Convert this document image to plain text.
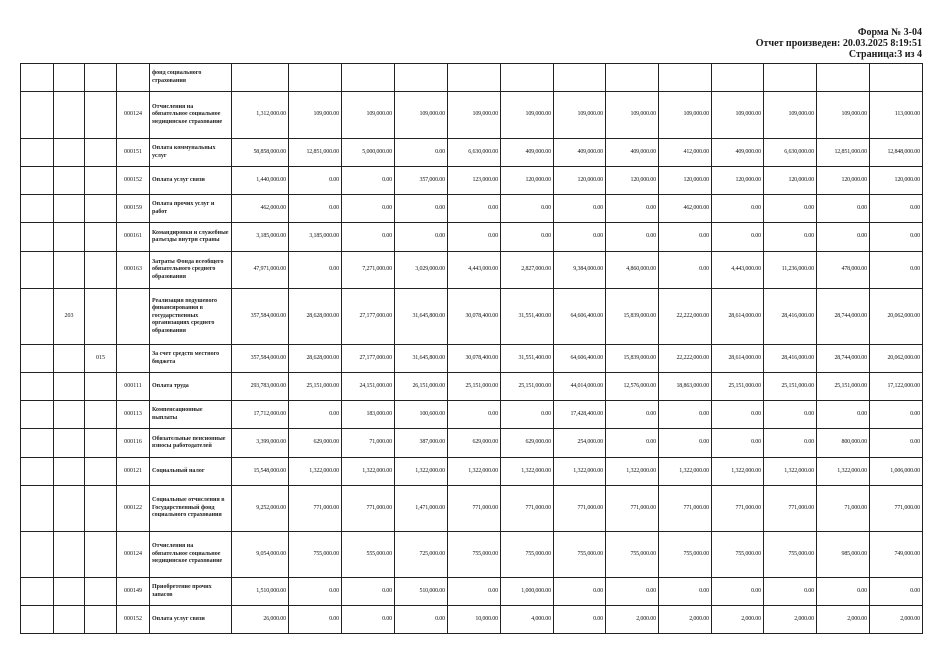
Форма № 3-04
Отчет произведен: 20.03.2025 8:19:51
Страница:3 из 4
				фонд социального страхования													
			000124	Отчисления на обязательное социальное медицинское страхование	1,312,000.00	109,000.00	109,000.00	109,000.00	109,000.00	109,000.00	109,000.00	109,000.00	109,000.00	109,000.00	109,000.00	109,000.00	113,000.00
			000151	Оплата коммунальных услуг	58,858,000.00	12,851,000.00	5,000,000.00	0.00	6,630,000.00	409,000.00	409,000.00	409,000.00	412,000.00	409,000.00	6,630,000.00	12,851,000.00	12,848,000.00
			000152	Оплата услуг связи	1,440,000.00	0.00	0.00	357,000.00	123,000.00	120,000.00	120,000.00	120,000.00	120,000.00	120,000.00	120,000.00	120,000.00	120,000.00
			000159	Оплата прочих услуг и работ	462,000.00	0.00	0.00	0.00	0.00	0.00	0.00	0.00	462,000.00	0.00	0.00	0.00	0.00
			000161	Командировки и служебные разъезды внутри страны	3,185,000.00	3,185,000.00	0.00	0.00	0.00	0.00	0.00	0.00	0.00	0.00	0.00	0.00	0.00
			000163	Затраты Фонда всеобщего обязательного среднего образования	47,971,000.00	0.00	7,271,000.00	3,029,000.00	4,443,000.00	2,827,000.00	9,384,000.00	4,860,000.00	0.00	4,443,000.00	11,236,000.00	478,000.00	0.00
	203			Реализация подушевого финансирования в государственных организациях среднего образования	357,584,000.00	28,628,000.00	27,177,000.00	31,645,800.00	30,078,400.00	31,551,400.00	64,606,400.00	15,839,000.00	22,222,000.00	28,614,000.00	28,416,000.00	28,744,000.00	20,062,000.00
		015		За счет средств местного бюджета	357,584,000.00	28,628,000.00	27,177,000.00	31,645,800.00	30,078,400.00	31,551,400.00	64,606,400.00	15,839,000.00	22,222,000.00	28,614,000.00	28,416,000.00	28,744,000.00	20,062,000.00
			000111	Оплата труда	293,783,000.00	25,151,000.00	24,151,000.00	26,151,000.00	25,151,000.00	25,151,000.00	44,014,000.00	12,576,000.00	18,863,000.00	25,151,000.00	25,151,000.00	25,151,000.00	17,122,000.00
			000113	Компенсационные выплаты	17,712,000.00	0.00	183,000.00	100,600.00	0.00	0.00	17,428,400.00	0.00	0.00	0.00	0.00	0.00	0.00
			000116	Обязательные пенсионные взносы работодателей	3,399,000.00	629,000.00	71,000.00	387,000.00	629,000.00	629,000.00	254,000.00	0.00	0.00	0.00	0.00	800,000.00	0.00
			000121	Социальный налог	15,548,000.00	1,322,000.00	1,322,000.00	1,322,000.00	1,322,000.00	1,322,000.00	1,322,000.00	1,322,000.00	1,322,000.00	1,322,000.00	1,322,000.00	1,322,000.00	1,006,000.00
			000122	Социальные отчисления в Государственный фонд социального страхования	9,252,000.00	771,000.00	771,000.00	1,471,000.00	771,000.00	771,000.00	771,000.00	771,000.00	771,000.00	771,000.00	771,000.00	71,000.00	771,000.00
			000124	Отчисления на обязательное социальное медицинское страхование	9,054,000.00	755,000.00	555,000.00	725,000.00	755,000.00	755,000.00	755,000.00	755,000.00	755,000.00	755,000.00	755,000.00	985,000.00	749,000.00
			000149	Приобретение прочих запасов	1,510,000.00	0.00	0.00	510,000.00	0.00	1,000,000.00	0.00	0.00	0.00	0.00	0.00	0.00	0.00
			000152	Оплата услуг связи	26,000.00	0.00	0.00	0.00	10,000.00	4,000.00	0.00	2,000.00	2,000.00	2,000.00	2,000.00	2,000.00	2,000.00
